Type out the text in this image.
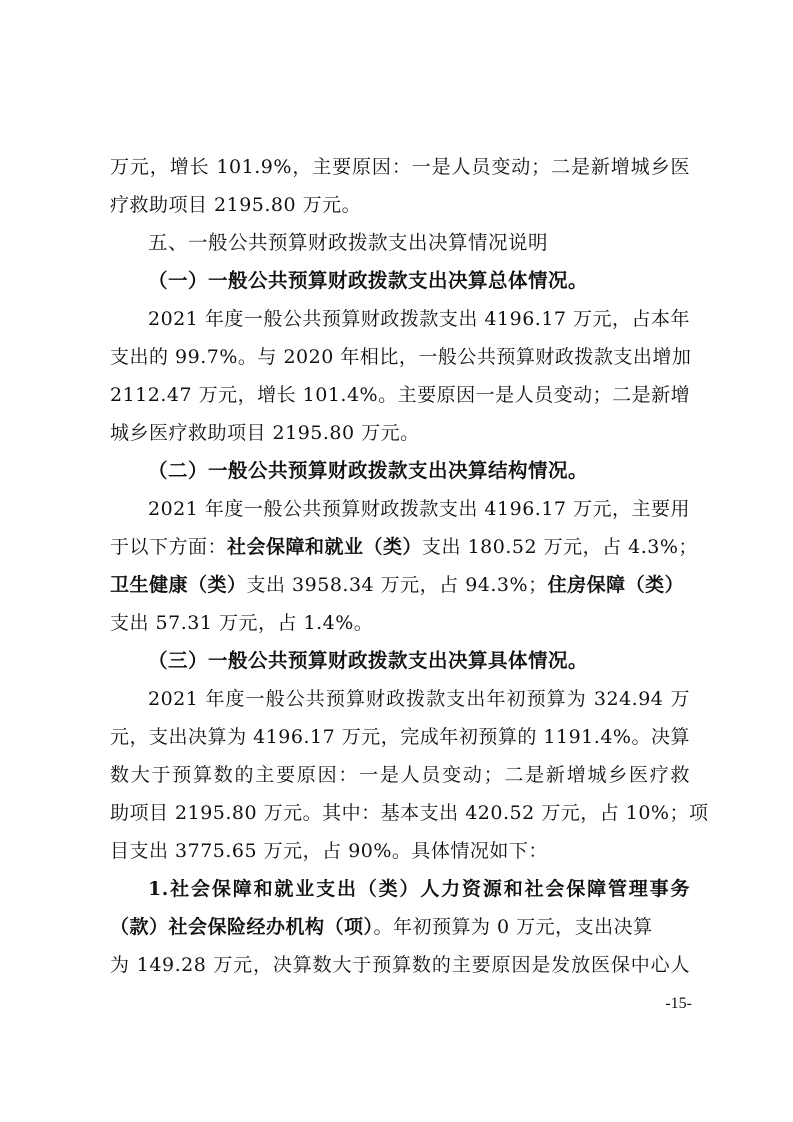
万元，增长 101.9%，主要原因：一是人员变动；二是新增城乡医
疗救助项目 2195.80 万元。
五、一般公共预算财政拨款支出决算情况说明
（一）一般公共预算财政拨款支出决算总体情况。
2021 年度一般公共预算财政拨款支出 4196.17 万元，占本年
支出的 99.7%。与 2020 年相比，一般公共预算财政拨款支出增加
2112.47 万元，增长 101.4%。主要原因一是人员变动；二是新增
城乡医疗救助项目 2195.80 万元。
（二）一般公共预算财政拨款支出决算结构情况。
2021 年度一般公共预算财政拨款支出 4196.17 万元，主要用
于以下方面：社会保障和就业（类）支出 180.52 万元，占 4.3%；
卫生健康（类）支出 3958.34 万元，占 94.3%；住房保障（类）
支出 57.31 万元，占 1.4%。
（三）一般公共预算财政拨款支出决算具体情况。
2021 年度一般公共预算财政拨款支出年初预算为 324.94 万
元，支出决算为 4196.17 万元，完成年初预算的 1191.4%。决算
数大于预算数的主要原因：一是人员变动；二是新增城乡医疗救
助项目 2195.80 万元。其中：基本支出 420.52 万元，占 10%；项
目支出 3775.65 万元，占 90%。具体情况如下：
1.社会保障和就业支出（类）人力资源和社会保障管理事务
（款）社会保险经办机构（项）。年初预算为 0 万元，支出决算
为 149.28 万元，决算数大于预算数的主要原因是发放医保中心人
-15-
